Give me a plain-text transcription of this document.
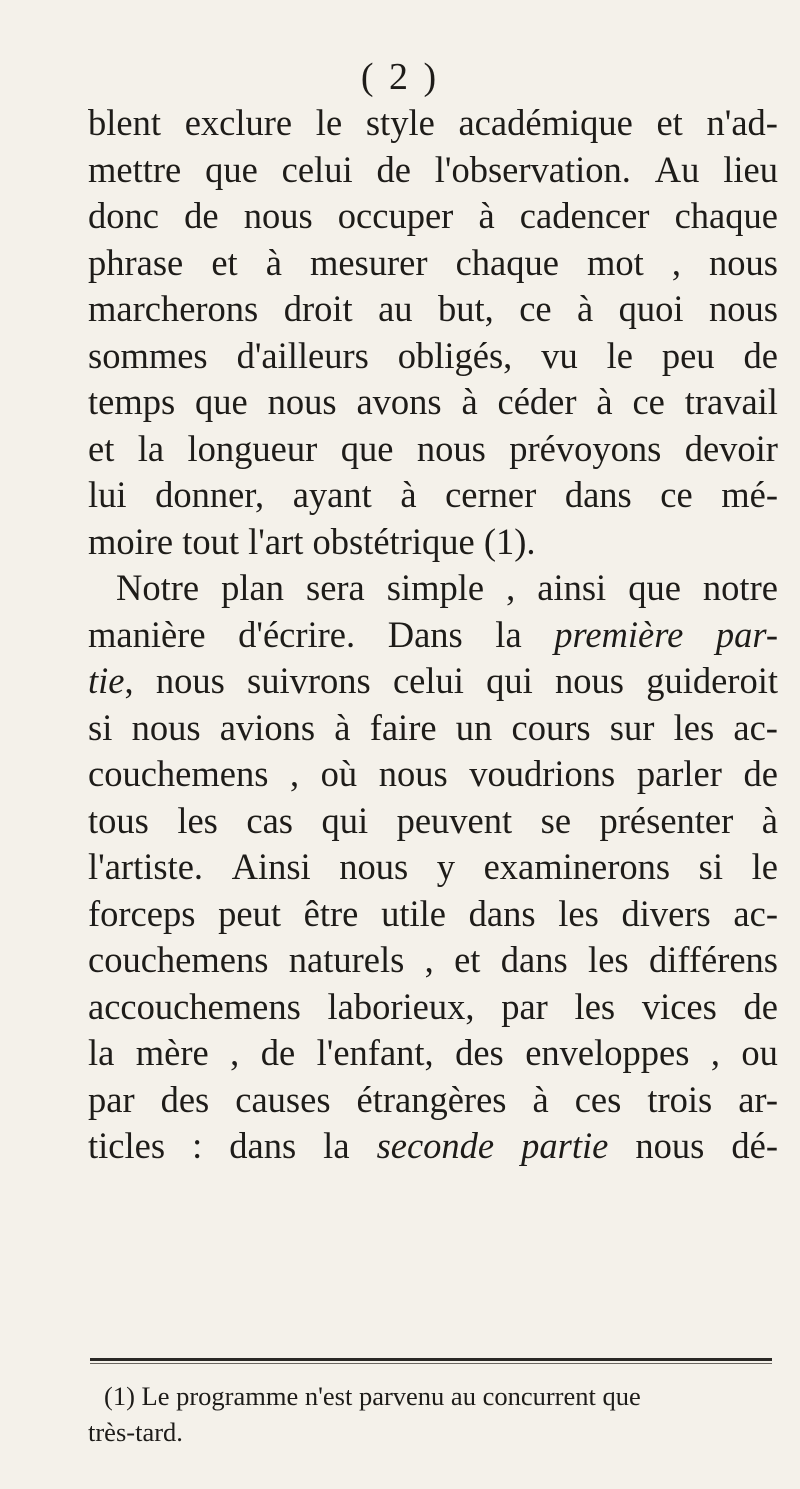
( 2 )
blent exclure le style académique et n'ad-
mettre que celui de l'observation. Au lieu
donc de nous occuper à cadencer chaque
phrase et à mesurer chaque mot , nous
marcherons droit au but, ce à quoi nous
sommes d'ailleurs obligés, vu le peu de
temps que nous avons à céder à ce travail
et la longueur que nous prévoyons devoir
lui donner, ayant à cerner dans ce mé-
moire tout l'art obstétrique (1).
Notre plan sera simple , ainsi que notre
manière d'écrire. Dans la première par-
tie, nous suivrons celui qui nous guideroit
si nous avions à faire un cours sur les ac-
couchemens , où nous voudrions parler de
tous les cas qui peuvent se présenter à
l'artiste. Ainsi nous y examinerons si le
forceps peut être utile dans les divers ac-
couchemens naturels , et dans les différens
accouchemens laborieux, par les vices de
la mère , de l'enfant, des enveloppes , ou
par des causes étrangères à ces trois ar-
ticles : dans la seconde partie nous dé-
(1) Le programme n'est parvenu au concurrent que
très-tard.
